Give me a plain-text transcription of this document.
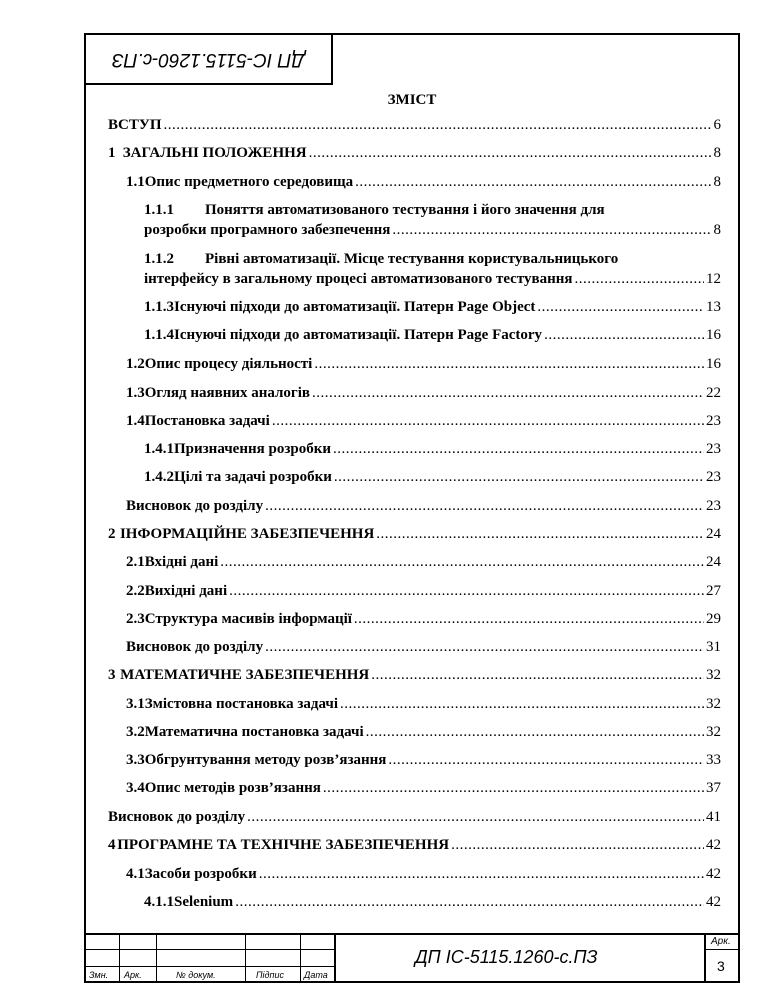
ДП ІС-5115.1260-с.ПЗ
ЗМІСТ
ВСТУП .....	6
1 ЗАГАЛЬНІ ПОЛОЖЕННЯ .....	8
1.1 Опис предметного середовища .....	8
1.1.1 Поняття автоматизованого тестування і його значення для
розробки програмного забезпечення .....	8
1.1.2 Рівні автоматизації. Місце тестування користувальницького
інтерфейсу в загальному процесі автоматизованого тестування .....	12
1.1.3 Існуючі підходи до автоматизації. Патерн Page Object .....	13
1.1.4 Існуючі підходи до автоматизації. Патерн Page Factory .....	16
1.2 Опис процесу діяльності .....	16
1.3 Огляд наявних аналогів .....	22
1.4 Постановка задачі .....	23
1.4.1 Призначення розробки .....	23
1.4.2 Цілі та задачі розробки .....	23
Висновок до розділу .....	23
2 ІНФОРМАЦІЙНЕ ЗАБЕЗПЕЧЕННЯ .....	24
2.1 Вхідні дані .....	24
2.2 Вихідні дані .....	27
2.3 Структура масивів інформації .....	29
Висновок до розділу .....	31
3 МАТЕМАТИЧНЕ ЗАБЕЗПЕЧЕННЯ .....	32
3.1 Змістовна постановка задачі .....	32
3.2 Математична постановка задачі .....	32
3.3 Обгрунтування методу розв’язання .....	33
3.4 Опис методів розв’язання .....	37
Висновок до розділу .....	41
4 ПРОГРАМНЕ ТА ТЕХНІЧНЕ ЗАБЕЗПЕЧЕННЯ .....	42
4.1 Засоби розробки .....	42
4.1.1 Selenium .....	42
Змн. Арк.	№ докум.	Підпис Дата
ДП ІС-5115.1260-с.ПЗ
Арк.
3
